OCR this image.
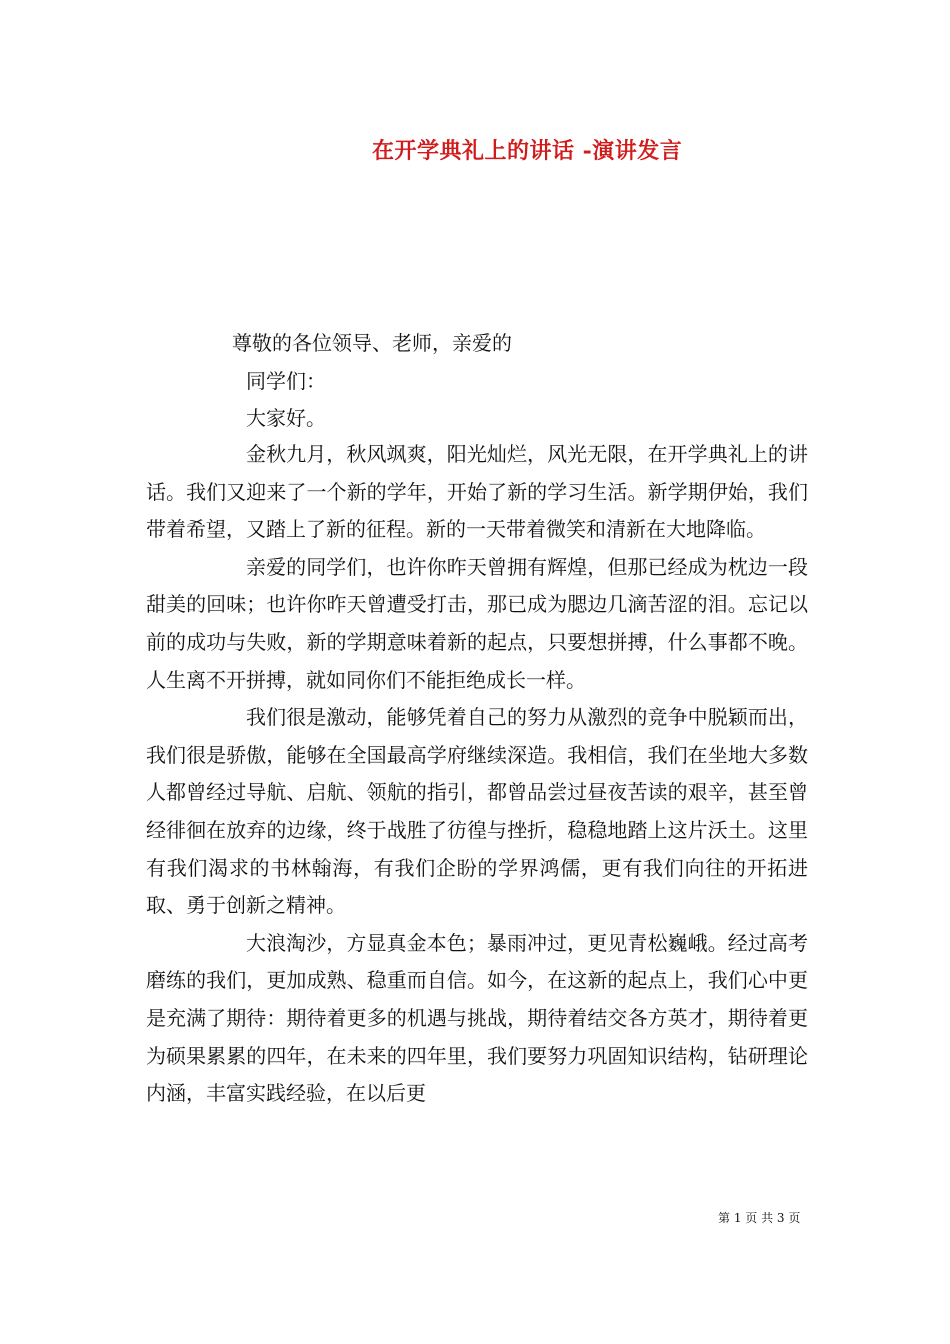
在开学典礼上的讲话 -演讲发言
尊敬的各位领导、老师，亲爱的
同学们：
大家好。

金秋九月，秋风飒爽，阳光灿烂，风光无限，在开学典礼上的讲话。我们又迎来了一个新的学年，开始了新的学习生活。新学期伊始，我们带着希望，又踏上了新的征程。新的一天带着微笑和清新在大地降临。

亲爱的同学们，也许你昨天曾拥有辉煌，但那已经成为枕边一段甜美的回味；也许你昨天曾遭受打击，那已成为腮边几滴苦涩的泪。忘记以前的成功与失败，新的学期意味着新的起点，只要想拼搏，什么事都不晚。人生离不开拼搏，就如同你们不能拒绝成长一样。

我们很是激动，能够凭着自己的努力从激烈的竞争中脱颖而出，我们很是骄傲，能够在全国最高学府继续深造。我相信，我们在坐地大多数人都曾经过导航、启航、领航的指引，都曾品尝过昼夜苦读的艰辛，甚至曾经徘徊在放弃的边缘，终于战胜了彷徨与挫折，稳稳地踏上这片沃土。这里有我们渴求的书林翰海，有我们企盼的学界鸿儒，更有我们向往的开拓进取、勇于创新之精神。

大浪淘沙，方显真金本色；暴雨冲过，更见青松巍峨。经过高考磨练的我们，更加成熟、稳重而自信。如今，在这新的起点上，我们心中更是充满了期待：期待着更多的机遇与挑战，期待着结交各方英才，期待着更为硕果累累的四年，在未来的四年里，我们要努力巩固知识结构，钻研理论内涵，丰富实践经验，在以后更

第 1 页 共 3 页
